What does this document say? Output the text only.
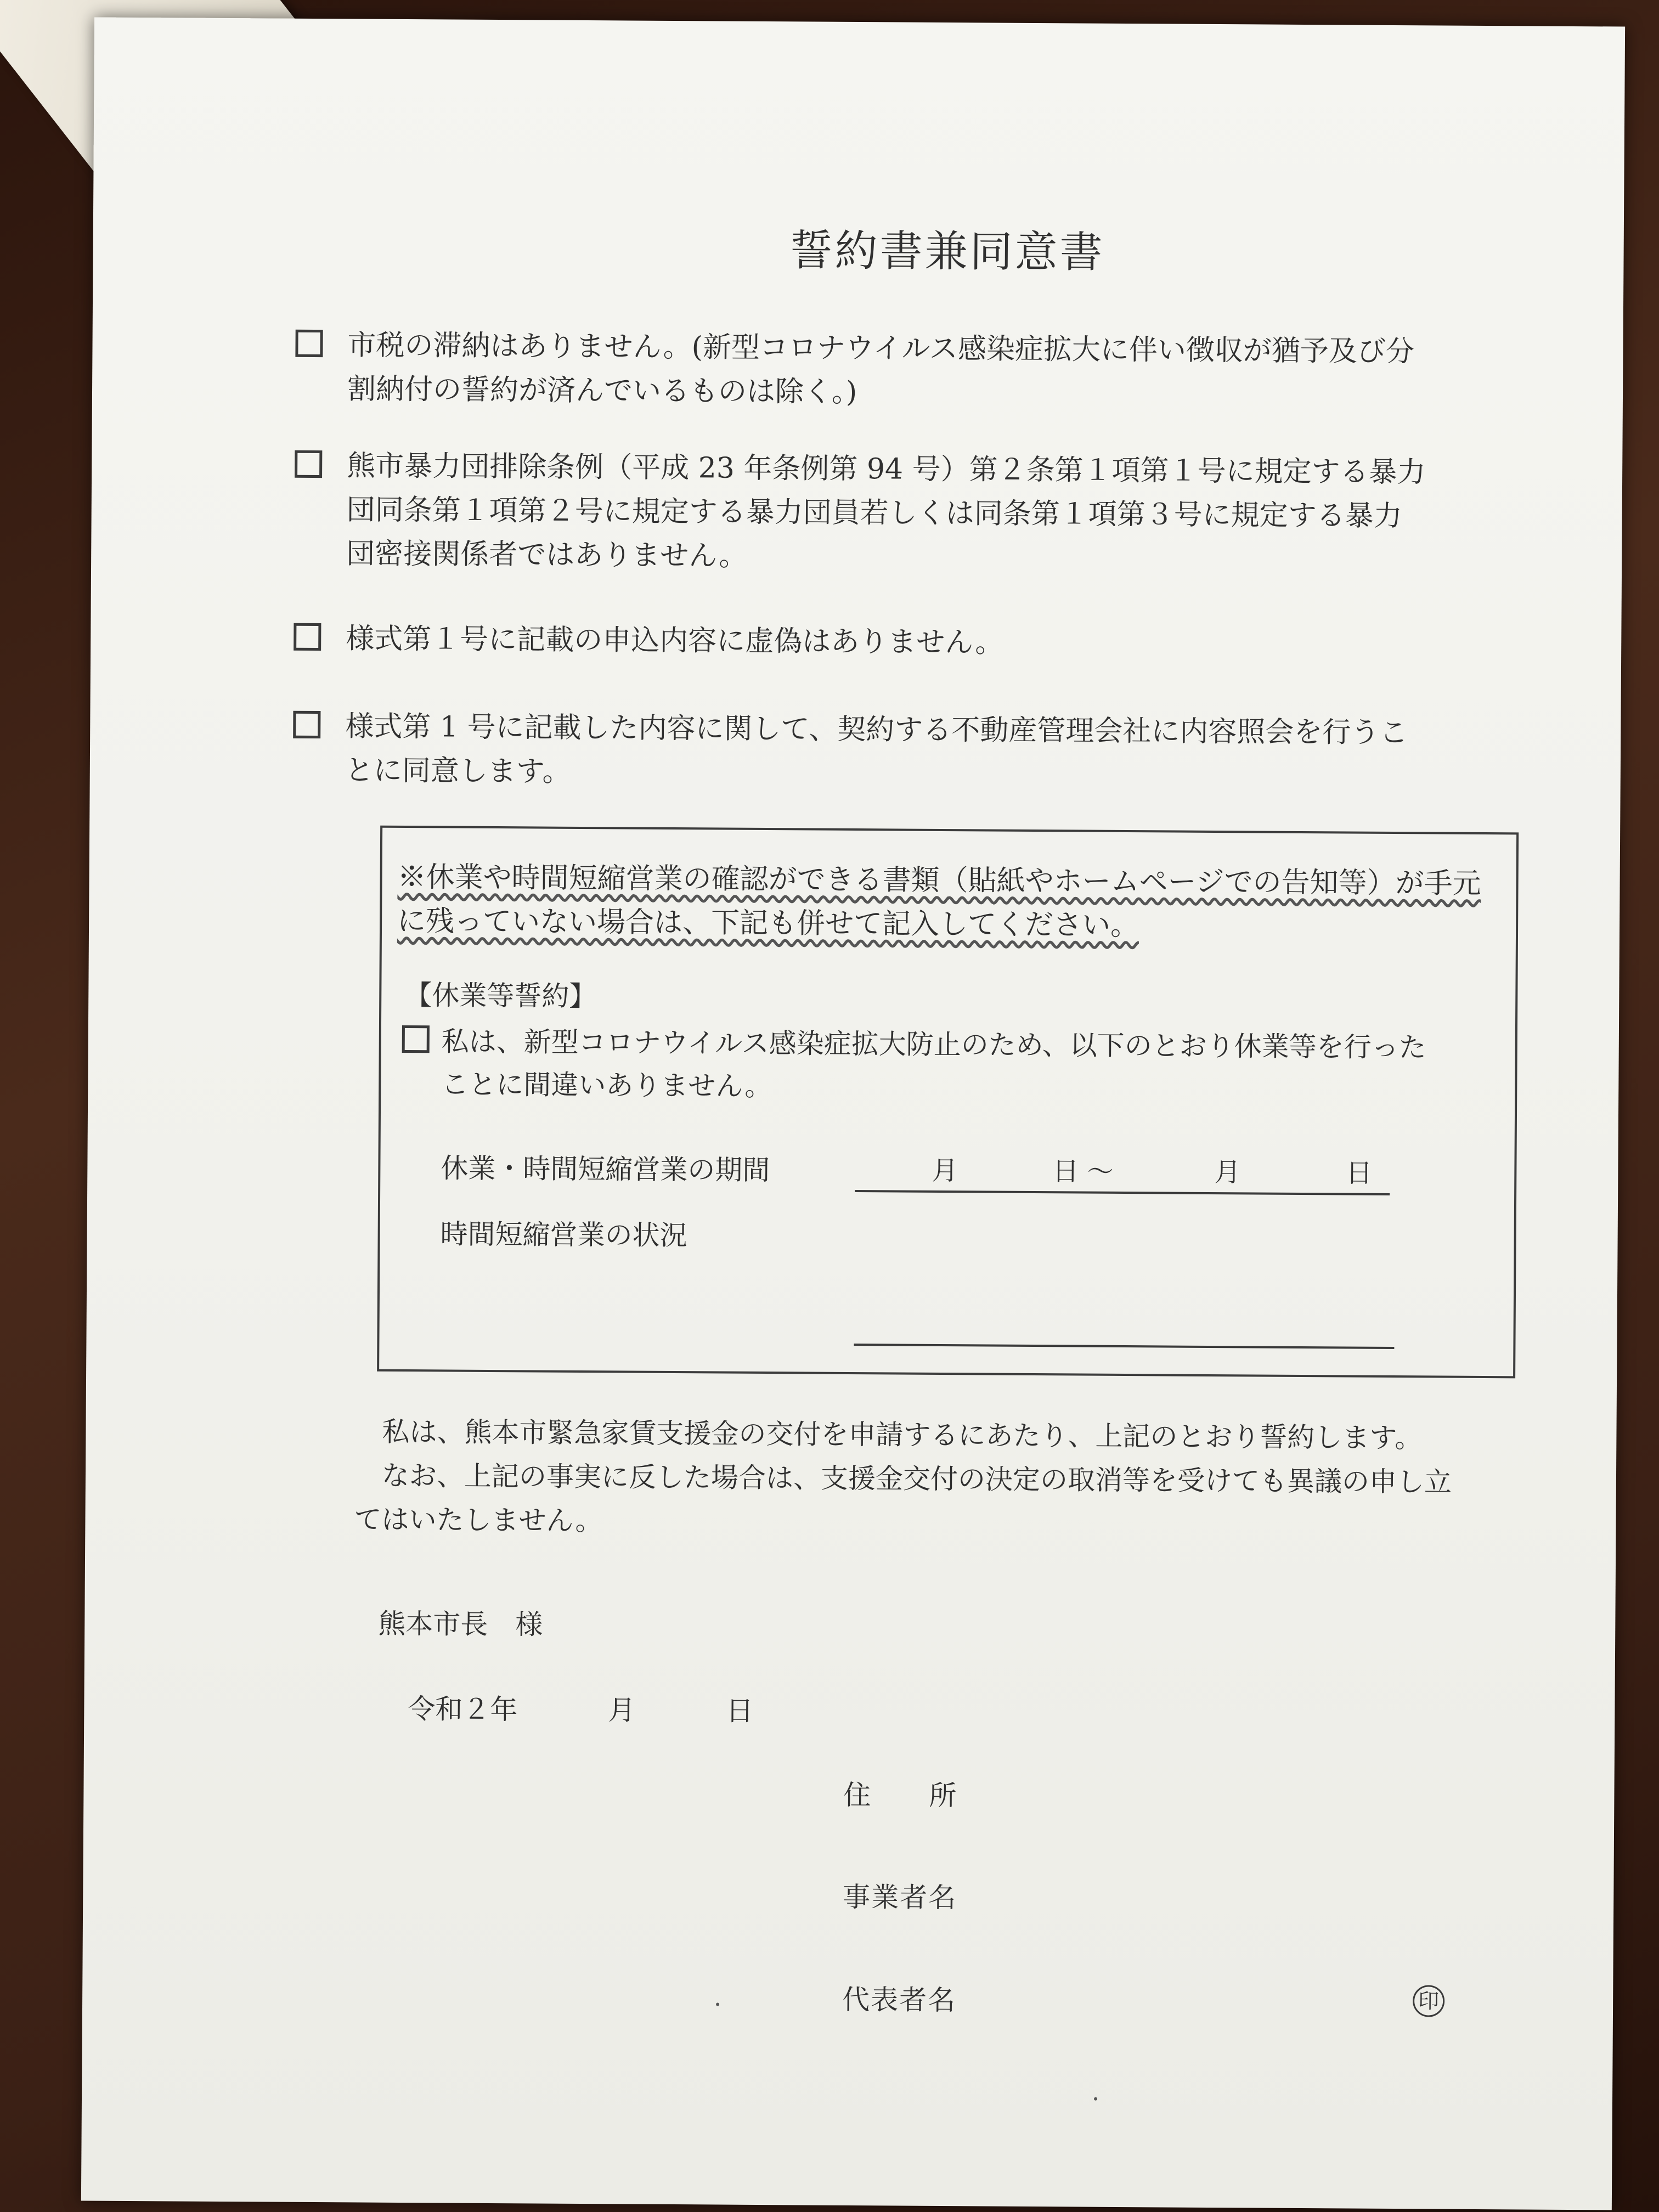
誓約書兼同意書
市税の滞納はありません。(新型コロナウイルス感染症拡大に伴い徴収が猶予及び分
割納付の誓約が済んでいるものは除く。)
熊市暴力団排除条例（平成 23 年条例第 94 号）第２条第１項第１号に規定する暴力
団同条第１項第２号に規定する暴力団員若しくは同条第１項第３号に規定する暴力
団密接関係者ではありません。
様式第１号に記載の申込内容に虚偽はありません。
様式第 1 号に記載した内容に関して、契約する不動産管理会社に内容照会を行うこ
とに同意します。
※休業や時間短縮営業の確認ができる書類（貼紙やホームページでの告知等）が手元
に残っていない場合は、下記も併せて記入してください。
【休業等誓約】
私は、新型コロナウイルス感染症拡大防止のため、以下のとおり休業等を行った
ことに間違いありません。
休業・時間短縮営業の期間	月	日 〜	月	日
時間短縮営業の状況

私は、熊本市緊急家賃支援金の交付を申請するにあたり、上記のとおり誓約します。

なお、上記の事実に反した場合は、支援金交付の決定の取消等を受けても異議の申し立

てはいたしません。

熊本市長　様
令和２年	月	日
住　　所
事業者名
代表者名	印
